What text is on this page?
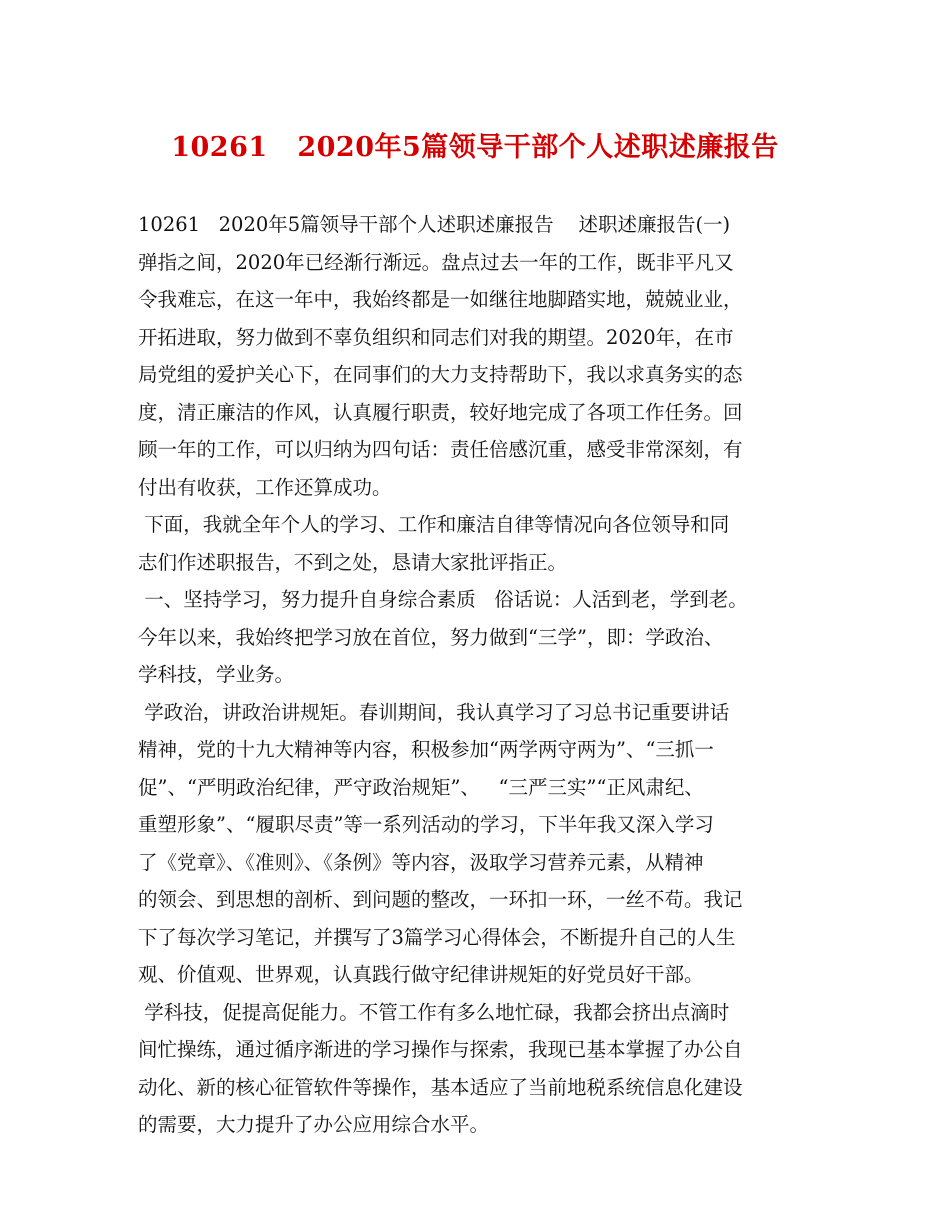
10261   2020年5篇领导干部个人述职述廉报告
10261   2020年5篇领导干部个人述职述廉报告    述职述廉报告(一)
弹指之间，2020年已经渐行渐远。盘点过去一年的工作，既非平凡又
令我难忘，在这一年中，我始终都是一如继往地脚踏实地，兢兢业业，
开拓进取，努力做到不辜负组织和同志们对我的期望。2020年，在市
局党组的爱护关心下，在同事们的大力支持帮助下，我以求真务实的态
度，清正廉洁的作风，认真履行职责，较好地完成了各项工作任务。回
顾一年的工作，可以归纳为四句话：责任倍感沉重，感受非常深刻，有
付出有收获，工作还算成功。
下面，我就全年个人的学习、工作和廉洁自律等情况向各位领导和同
志们作述职报告，不到之处，恳请大家批评指正。
一、坚持学习，努力提升自身综合素质   俗话说：人活到老，学到老。
今年以来，我始终把学习放在首位，努力做到“三学”，即：学政治、
学科技，学业务。
学政治，讲政治讲规矩。春训期间，我认真学习了习总书记重要讲话
精神，党的十九大精神等内容，积极参加“两学两守两为”、“三抓一
促”、“严明政治纪律，严守政治规矩”、   “三严三实”“正风肃纪、
重塑形象”、“履职尽责”等一系列活动的学习，下半年我又深入学习
了《党章》、《准则》、《条例》等内容，汲取学习营养元素，从精神
的领会、到思想的剖析、到问题的整改，一环扣一环，一丝不苟。我记
下了每次学习笔记，并撰写了3篇学习心得体会，不断提升自己的人生
观、价值观、世界观，认真践行做守纪律讲规矩的好党员好干部。
学科技，促提高促能力。不管工作有多么地忙碌，我都会挤出点滴时
间忙操练，通过循序渐进的学习操作与探索，我现已基本掌握了办公自
动化、新的核心征管软件等操作，基本适应了当前地税系统信息化建设
的需要，大力提升了办公应用综合水平。
